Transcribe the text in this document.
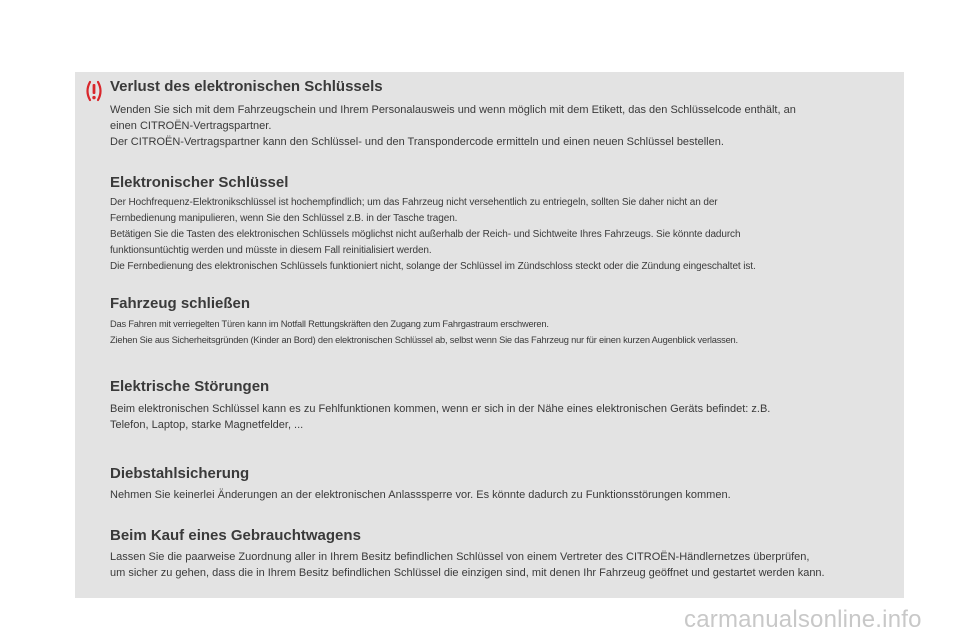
Verlust des elektronischen Schlüssels
Wenden Sie sich mit dem Fahrzeugschein und Ihrem Personalausweis und wenn möglich mit dem Etikett, das den Schlüsselcode enthält, an
einen CITROËN-Vertragspartner.
Der CITROËN-Vertragspartner kann den Schlüssel- und den Transpondercode ermitteln und einen neuen Schlüssel bestellen.
Elektronischer Schlüssel
Der Hochfrequenz-Elektronikschlüssel ist hochempfindlich; um das Fahrzeug nicht versehentlich zu entriegeln, sollten Sie daher nicht an der
Fernbedienung manipulieren, wenn Sie den Schlüssel z.B. in der Tasche tragen.
Betätigen Sie die Tasten des elektronischen Schlüssels möglichst nicht außerhalb der Reich- und Sichtweite Ihres Fahrzeugs. Sie könnte dadurch
funktionsuntüchtig werden und müsste in diesem Fall reinitialisiert werden.
Die Fernbedienung des elektronischen Schlüssels funktioniert nicht, solange der Schlüssel im Zündschloss steckt oder die Zündung eingeschaltet ist.
Fahrzeug schließen
Das Fahren mit verriegelten Türen kann im Notfall Rettungskräften den Zugang zum Fahrgastraum erschweren.
Ziehen Sie aus Sicherheitsgründen (Kinder an Bord) den elektronischen Schlüssel ab, selbst wenn Sie das Fahrzeug nur für einen kurzen Augenblick verlassen.
Elektrische Störungen
Beim elektronischen Schlüssel kann es zu Fehlfunktionen kommen, wenn er sich in der Nähe eines elektronischen Geräts befindet: z.B.
Telefon, Laptop, starke Magnetfelder, ...
Diebstahlsicherung
Nehmen Sie keinerlei Änderungen an der elektronischen Anlasssperre vor. Es könnte dadurch zu Funktionsstörungen kommen.
Beim Kauf eines Gebrauchtwagens
Lassen Sie die paarweise Zuordnung aller in Ihrem Besitz befindlichen Schlüssel von einem Vertreter des CITROËN-Händlernetzes überprüfen,
um sicher zu gehen, dass die in Ihrem Besitz befindlichen Schlüssel die einzigen sind, mit denen Ihr Fahrzeug geöffnet und gestartet werden kann.
carmanualsonline.info
